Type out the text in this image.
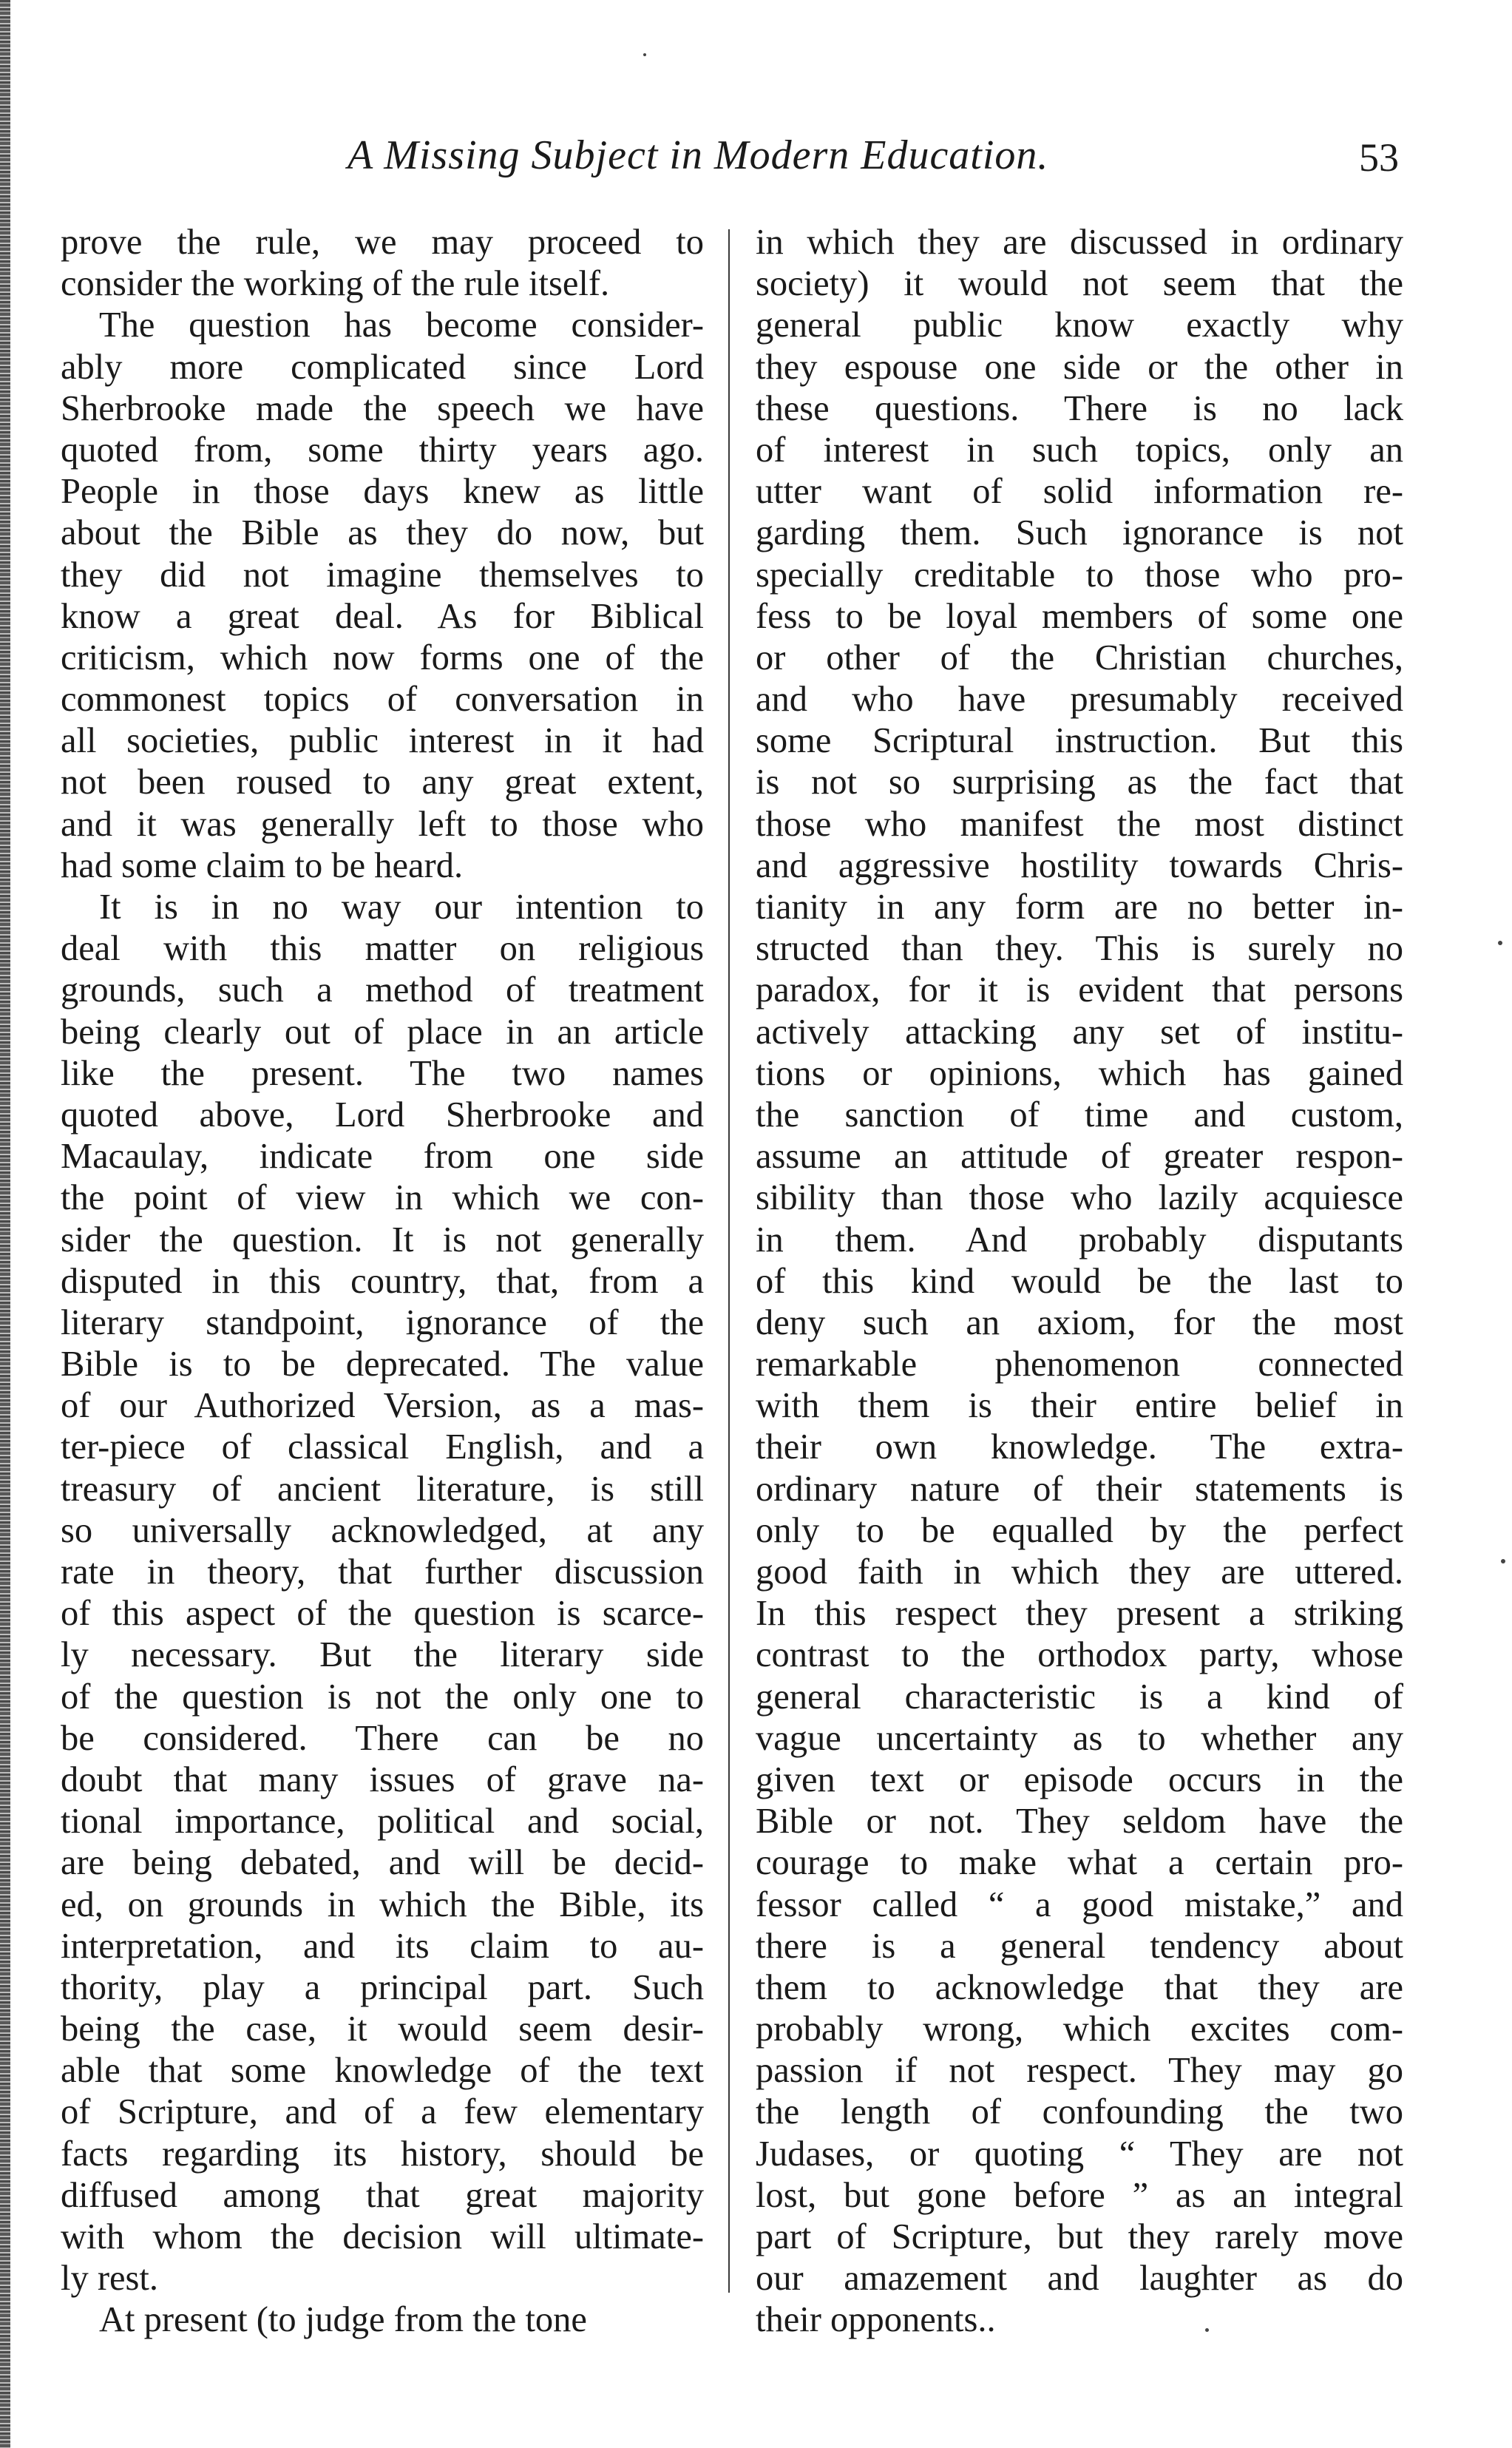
A Missing Subject in Modern Education.	53
prove the rule, we may proceed to
consider the working of the rule itself.
The question has become consider-
ably more complicated since Lord
Sherbrooke made the speech we have
quoted from, some thirty years ago.
People in those days knew as little
about the Bible as they do now, but
they did not imagine themselves to
know a great deal. As for Biblical
criticism, which now forms one of the
commonest topics of conversation in
all societies, public interest in it had
not been roused to any great extent,
and it was generally left to those who
had some claim to be heard.
It is in no way our intention to
deal with this matter on religious
grounds, such a method of treatment
being clearly out of place in an article
like the present. The two names
quoted above, Lord Sherbrooke and
Macaulay, indicate from one side
the point of view in which we con-
sider the question. It is not generally
disputed in this country, that, from a
literary standpoint, ignorance of the
Bible is to be deprecated. The value
of our Authorized Version, as a mas-
ter-piece of classical English, and a
treasury of ancient literature, is still
so universally acknowledged, at any
rate in theory, that further discussion
of this aspect of the question is scarce-
ly necessary. But the literary side
of the question is not the only one to
be considered. There can be no
doubt that many issues of grave na-
tional importance, political and social,
are being debated, and will be decid-
ed, on grounds in which the Bible, its
interpretation, and its claim to au-
thority, play a principal part. Such
being the case, it would seem desir-
able that some knowledge of the text
of Scripture, and of a few elementary
facts regarding its history, should be
diffused among that great majority
with whom the decision will ultimate-
ly rest.
At present (to judge from the tone
in which they are discussed in ordinary
society) it would not seem that the
general public know exactly why
they espouse one side or the other in
these questions. There is no lack
of interest in such topics, only an
utter want of solid information re-
garding them. Such ignorance is not
specially creditable to those who pro-
fess to be loyal members of some one
or other of the Christian churches,
and who have presumably received
some Scriptural instruction. But this
is not so surprising as the fact that
those who manifest the most distinct
and aggressive hostility towards Chris-
tianity in any form are no better in-
structed than they. This is surely no
paradox, for it is evident that persons
actively attacking any set of institu-
tions or opinions, which has gained
the sanction of time and custom,
assume an attitude of greater respon-
sibility than those who lazily acquiesce
in them. And probably disputants
of this kind would be the last to
deny such an axiom, for the most
remarkable phenomenon connected
with them is their entire belief in
their own knowledge. The extra-
ordinary nature of their statements is
only to be equalled by the perfect
good faith in which they are uttered.
In this respect they present a striking
contrast to the orthodox party, whose
general characteristic is a kind of
vague uncertainty as to whether any
given text or episode occurs in the
Bible or not. They seldom have the
courage to make what a certain pro-
fessor called “ a good mistake,” and
there is a general tendency about
them to acknowledge that they are
probably wrong, which excites com-
passion if not respect. They may go
the length of confounding the two
Judases, or quoting “ They are not
lost, but gone before ” as an integral
part of Scripture, but they rarely move
our amazement and laughter as do
their opponents..
